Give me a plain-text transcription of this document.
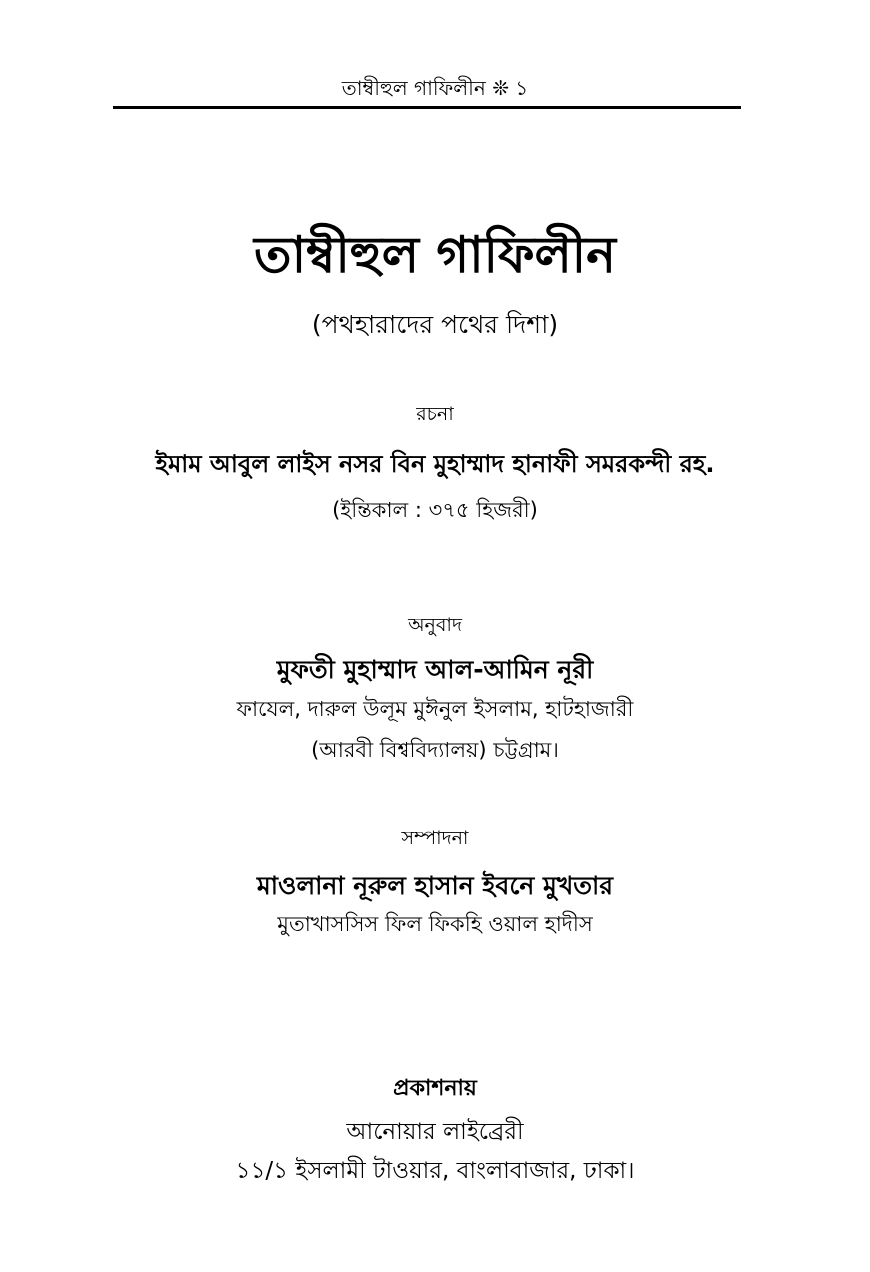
তাম্বীহুল গাফিলীন ❊ ১
তাম্বীহুল গাফিলীন
(পথহারাদের পথের দিশা)
রচনা
ইমাম আবুল লাইস নসর বিন মুহাম্মাদ হানাফী সমরকন্দী রহ.
(ইন্তিকাল : ৩৭৫ হিজরী)
অনুবাদ
মুফতী মুহাম্মাদ আল-আমিন নূরী
ফাযেল, দারুল উলূম মুঈনুল ইসলাম, হাটহাজারী
(আরবী বিশ্ববিদ্যালয়) চট্টগ্রাম।
সম্পাদনা
মাওলানা নূরুল হাসান ইবনে মুখতার
মুতাখাসসিস ফিল ফিকহি ওয়াল হাদীস
প্রকাশনায়
আনোয়ার লাইব্রেরী
১১/১ ইসলামী টাওয়ার, বাংলাবাজার, ঢাকা।
